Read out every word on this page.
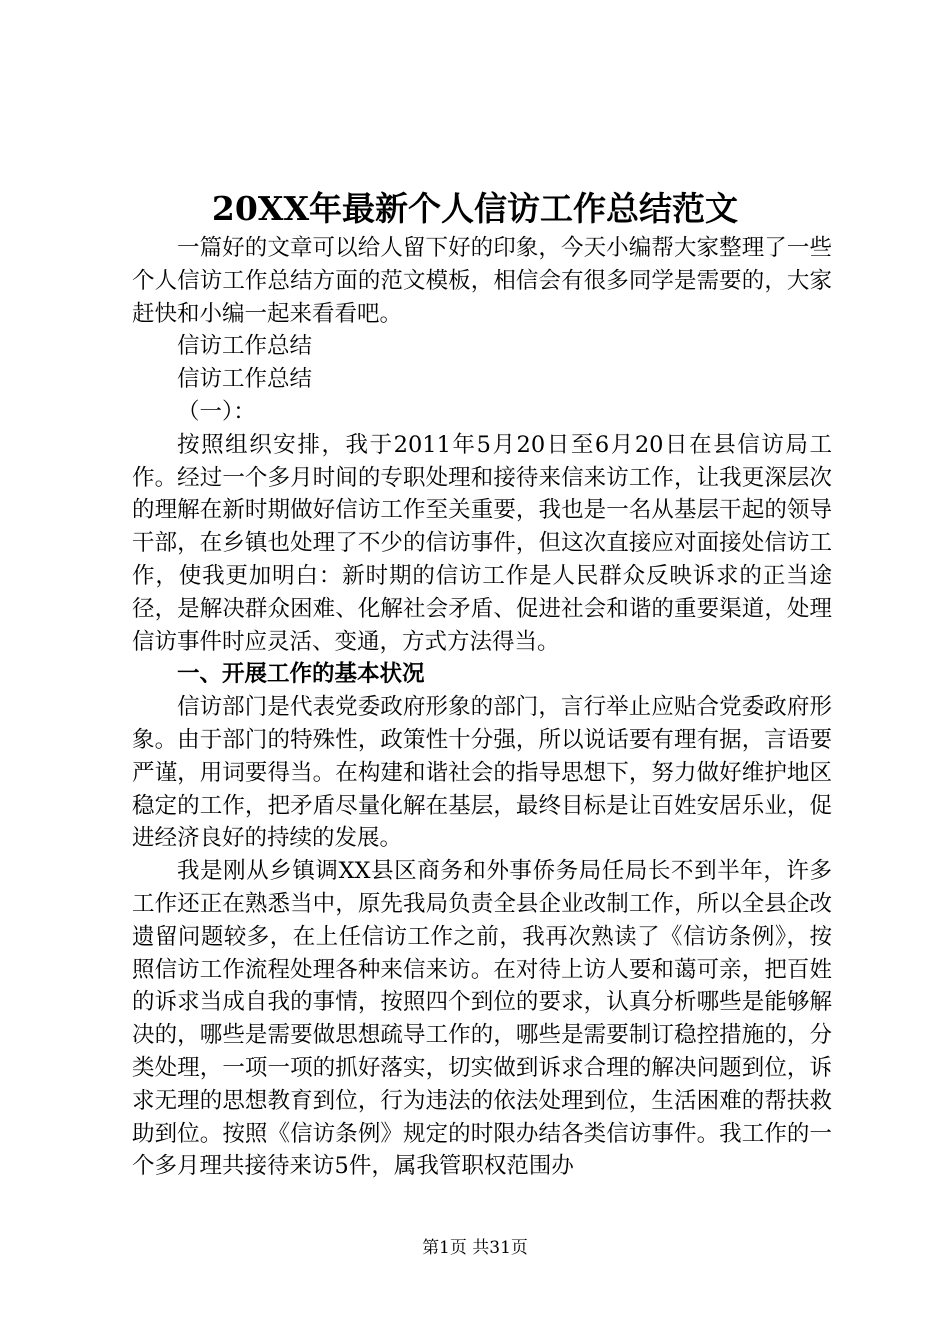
20XX年最新个人信访工作总结范文

一篇好的文章可以给人留下好的印象，今天小编帮大家整理了一些个人信访工作总结方面的范文模板，相信会有很多同学是需要的，大家赶快和小编一起来看看吧。

信访工作总结

信访工作总结

（一）：

按照组织安排，我于2011年5月20日至6月20日在县信访局工作。经过一个多月时间的专职处理和接待来信来访工作，让我更深层次的理解在新时期做好信访工作至关重要，我也是一名从基层干起的领导干部，在乡镇也处理了不少的信访事件，但这次直接应对面接处信访工作，使我更加明白：新时期的信访工作是人民群众反映诉求的正当途径，是解决群众困难、化解社会矛盾、促进社会和谐的重要渠道，处理信访事件时应灵活、变通，方式方法得当。

一、开展工作的基本状况

信访部门是代表党委政府形象的部门，言行举止应贴合党委政府形象。由于部门的特殊性，政策性十分强，所以说话要有理有据，言语要严谨，用词要得当。在构建和谐社会的指导思想下，努力做好维护地区稳定的工作，把矛盾尽量化解在基层，最终目标是让百姓安居乐业，促进经济良好的持续的发展。

我是刚从乡镇调XX县区商务和外事侨务局任局长不到半年，许多工作还正在熟悉当中，原先我局负责全县企业改制工作，所以全县企改遗留问题较多，在上任信访工作之前，我再次熟读了《信访条例》，按照信访工作流程处理各种来信来访。在对待上访人要和蔼可亲，把百姓的诉求当成自我的事情，按照四个到位的要求，认真分析哪些是能够解决的，哪些是需要做思想疏导工作的，哪些是需要制订稳控措施的，分类处理，一项一项的抓好落实，切实做到诉求合理的解决问题到位，诉求无理的思想教育到位，行为违法的依法处理到位，生活困难的帮扶救助到位。按照《信访条例》规定的时限办结各类信访事件。我工作的一个多月理共接待来访5件，属我管职权范围办

第1页 共31页
